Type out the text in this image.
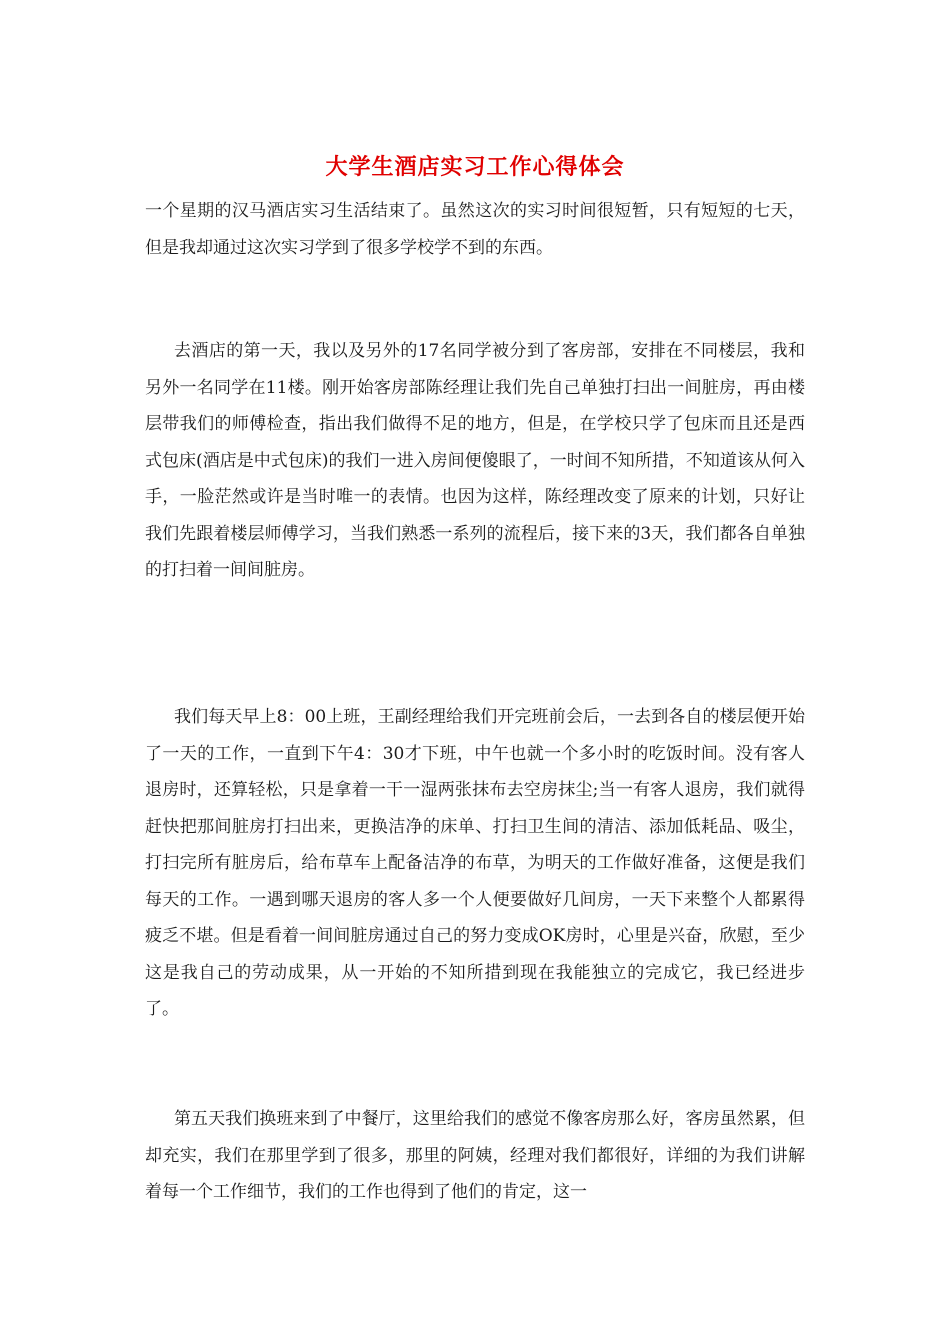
大学生酒店实习工作心得体会

一个星期的汉马酒店实习生活结束了。虽然这次的实习时间很短暂，只有短短的七天，但是我却通过这次实习学到了很多学校学不到的东西。

去酒店的第一天，我以及另外的17名同学被分到了客房部，安排在不同楼层，我和另外一名同学在11楼。刚开始客房部陈经理让我们先自己单独打扫出一间脏房，再由楼层带我们的师傅检查，指出我们做得不足的地方，但是，在学校只学了包床而且还是西式包床(酒店是中式包床)的我们一进入房间便傻眼了，一时间不知所措，不知道该从何入手，一脸茫然或许是当时唯一的表情。也因为这样，陈经理改变了原来的计划，只好让我们先跟着楼层师傅学习，当我们熟悉一系列的流程后，接下来的3天，我们都各自单独的打扫着一间间脏房。

我们每天早上8：00上班，王副经理给我们开完班前会后，一去到各自的楼层便开始了一天的工作，一直到下午4：30才下班，中午也就一个多小时的吃饭时间。没有客人退房时，还算轻松，只是拿着一干一湿两张抹布去空房抹尘;当一有客人退房，我们就得赶快把那间脏房打扫出来，更换洁净的床单、打扫卫生间的清洁、添加低耗品、吸尘，打扫完所有脏房后，给布草车上配备洁净的布草，为明天的工作做好准备，这便是我们每天的工作。一遇到哪天退房的客人多一个人便要做好几间房，一天下来整个人都累得疲乏不堪。但是看着一间间脏房通过自己的努力变成OK房时，心里是兴奋，欣慰，至少这是我自己的劳动成果，从一开始的不知所措到现在我能独立的完成它，我已经进步了。

第五天我们换班来到了中餐厅，这里给我们的感觉不像客房那么好，客房虽然累，但却充实，我们在那里学到了很多，那里的阿姨，经理对我们都很好，详细的为我们讲解着每一个工作细节，我们的工作也得到了他们的肯定，这一
